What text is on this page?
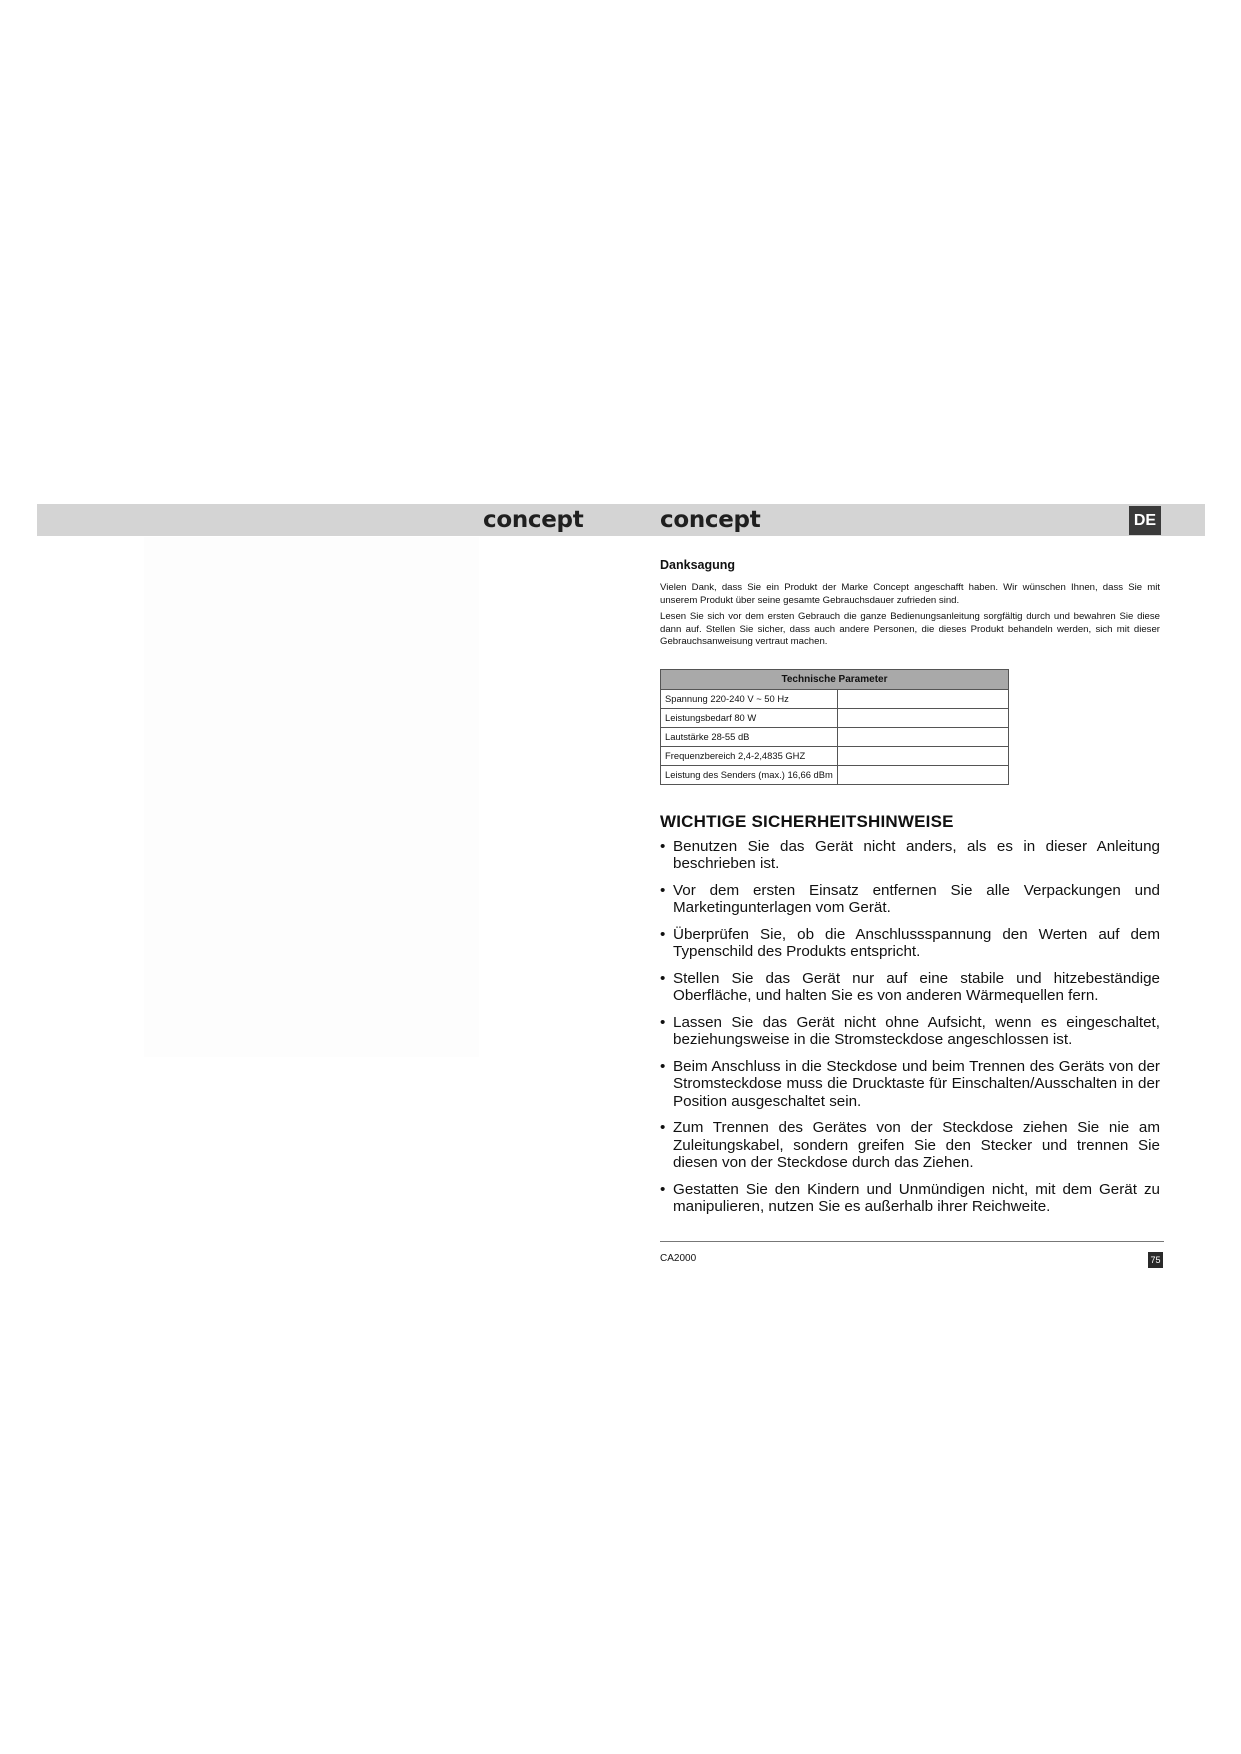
concept	concept	DE
Danksagung

Vielen Dank, dass Sie ein Produkt der Marke Concept angeschafft haben. Wir wünschen Ihnen, dass Sie mit unserem Produkt über seine gesamte Gebrauchsdauer zufrieden sind.

Lesen Sie sich vor dem ersten Gebrauch die ganze Bedienungsanleitung sorgfältig durch und bewahren Sie diese dann auf. Stellen Sie sicher, dass auch andere Personen, die dieses Produkt behandeln werden, sich mit dieser Gebrauchsanweisung vertraut machen.

Technische Parameter	
Spannung 220-240 V ~ 50 Hz	
Leistungsbedarf 80 W	
Lautstärke 28-55 dB	
Frequenzbereich 2,4-2,4835 GHZ	
Leistung des Senders (max.) 16,66 dBm	
WICHTIGE SICHERHEITSHINWEISE
• Benutzen Sie das Gerät nicht anders, als es in dieser Anleitung beschrieben ist.
• Vor dem ersten Einsatz entfernen Sie alle Verpackungen und Marketingunterlagen vom Gerät.
• Überprüfen Sie, ob die Anschlussspannung den Werten auf dem Typenschild des Produkts entspricht.
• Stellen Sie das Gerät nur auf eine stabile und hitzebeständige Oberfläche, und halten Sie es von anderen Wärmequellen fern.
• Lassen Sie das Gerät nicht ohne Aufsicht, wenn es eingeschaltet, beziehungsweise in die Stromsteckdose angeschlossen ist.
• Beim Anschluss in die Steckdose und beim Trennen des Geräts von der Stromsteckdose muss die Drucktaste für Einschalten/Ausschalten in der Position ausgeschaltet sein.
• Zum Trennen des Gerätes von der Steckdose ziehen Sie nie am Zuleitungskabel, sondern greifen Sie den Stecker und trennen Sie diesen von der Steckdose durch das Ziehen.
• Gestatten Sie den Kindern und Unmündigen nicht, mit dem Gerät zu manipulieren, nutzen Sie es außerhalb ihrer Reichweite.
CA2000	75
